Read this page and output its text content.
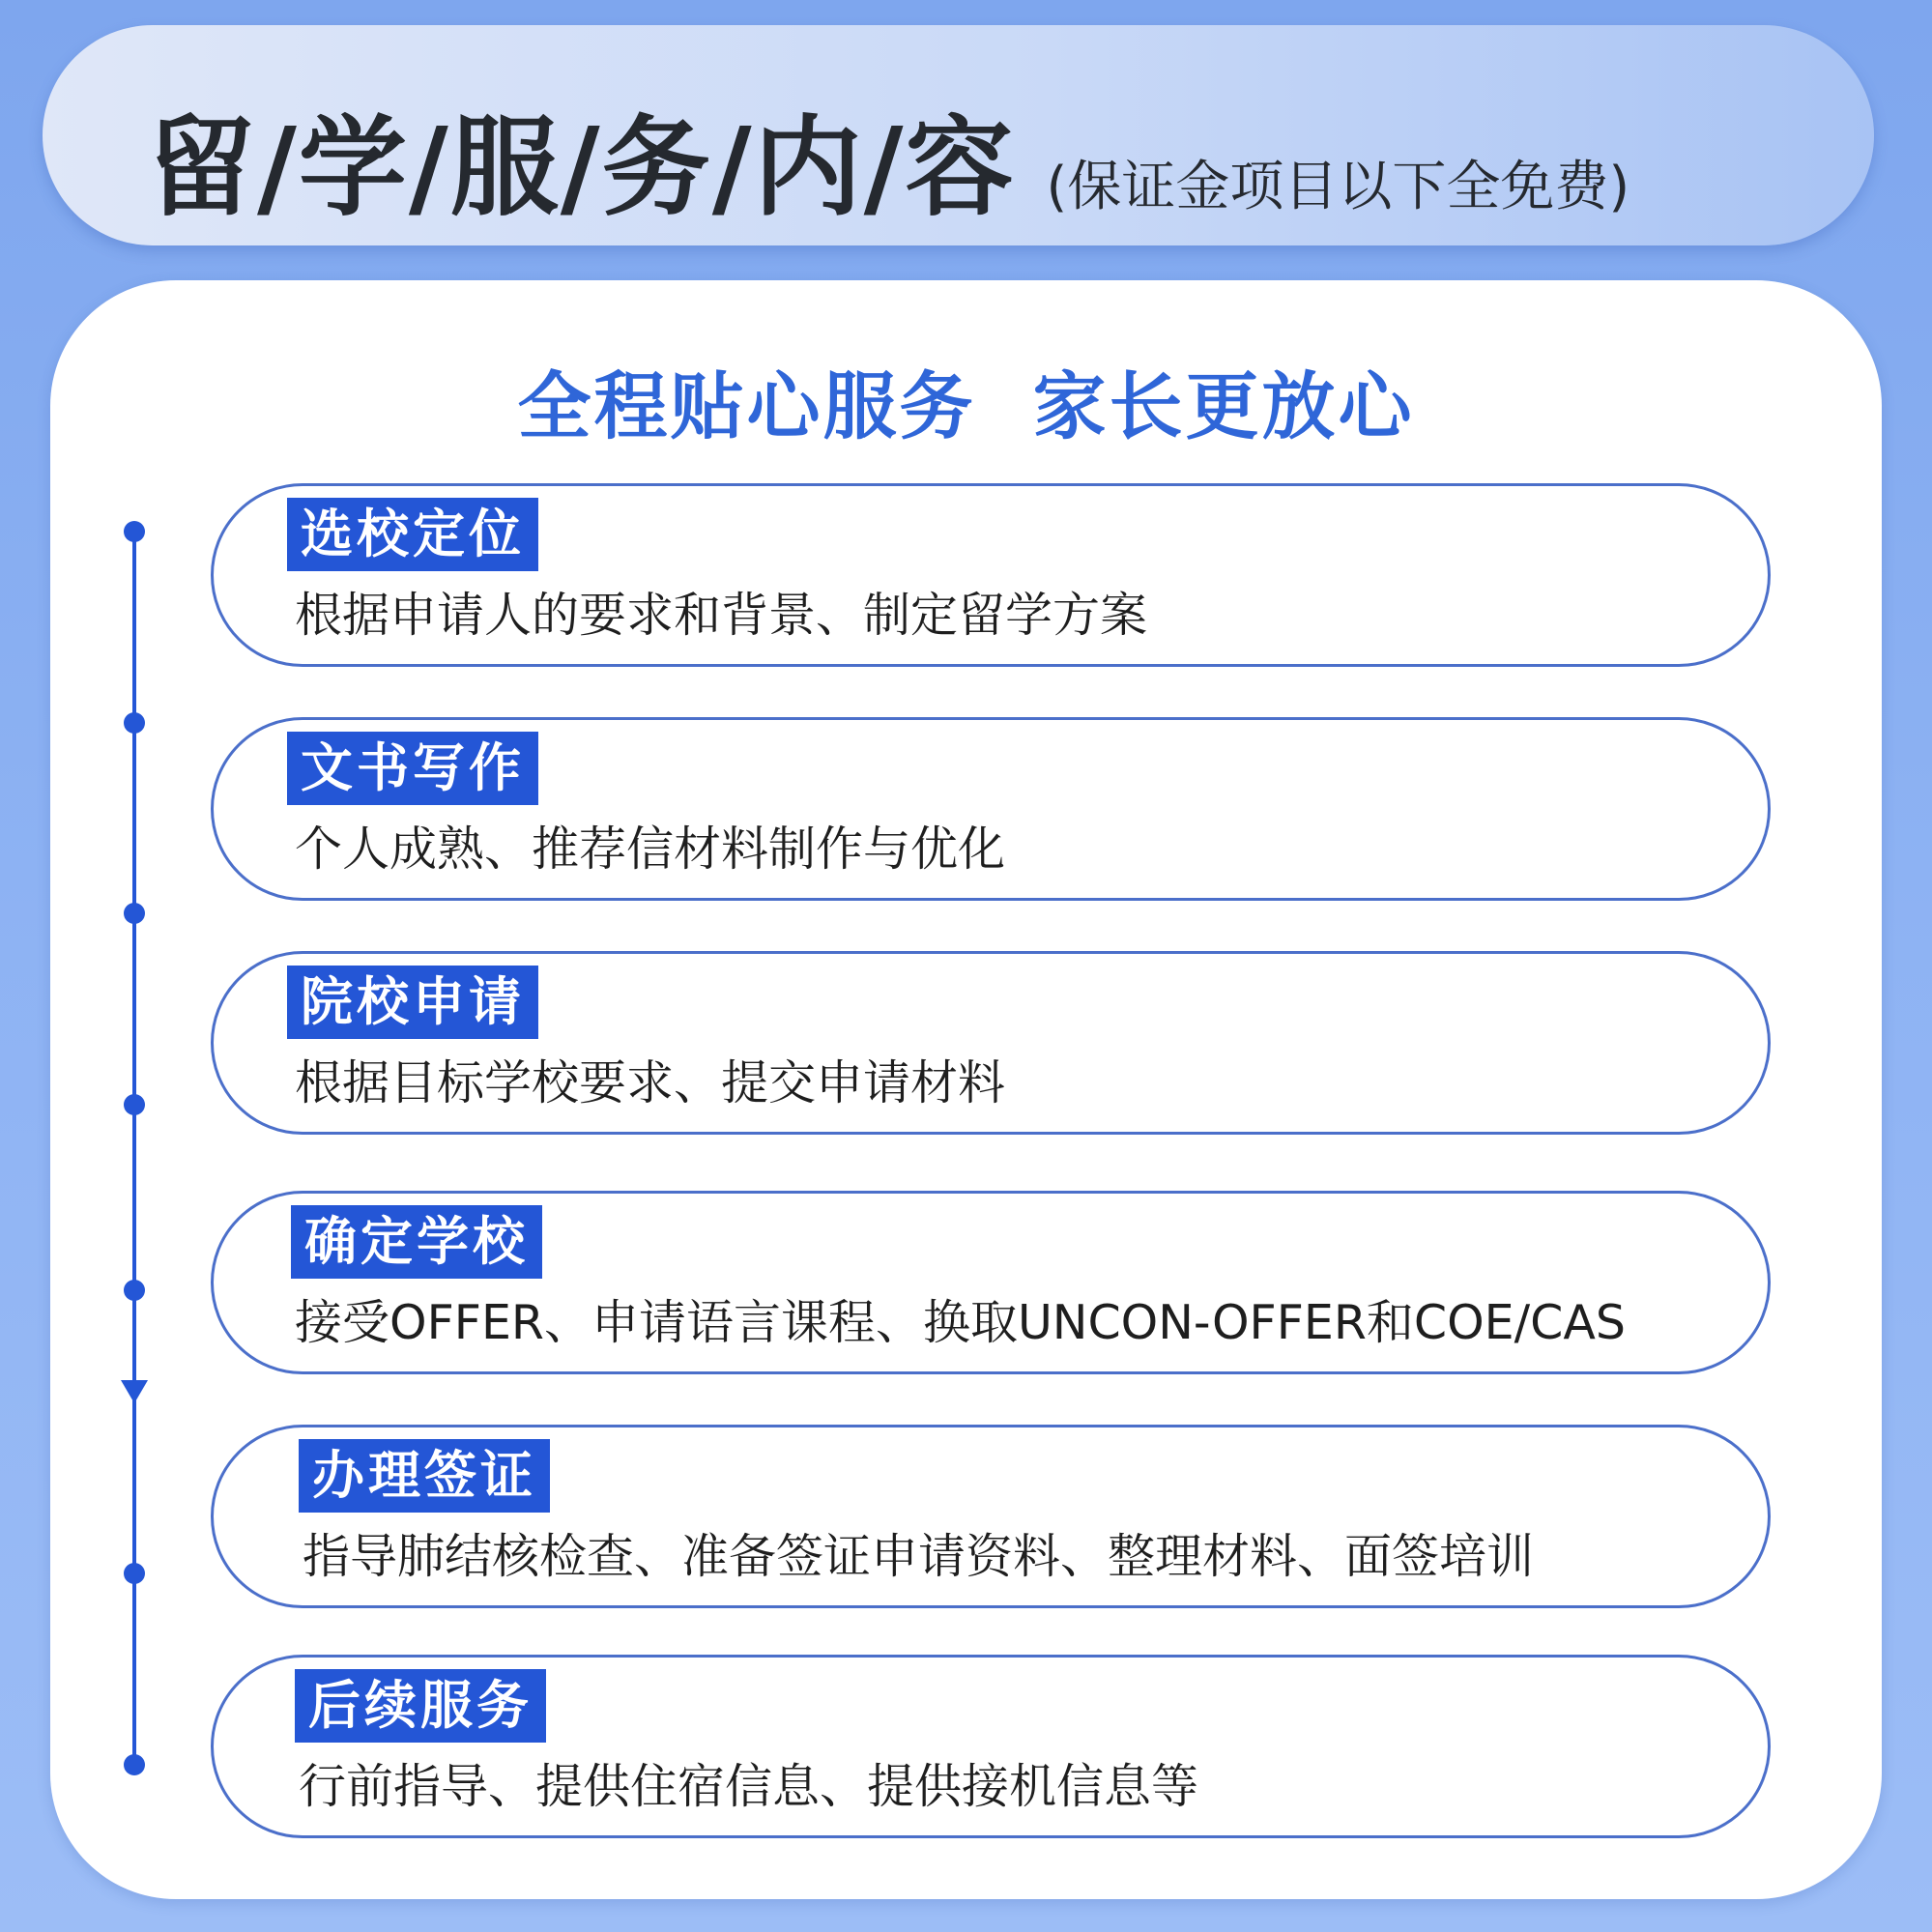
留/学/服/务/内/容 (保证金项目以下全免费)
全程贴心服务  家长更放心
选校定位
根据申请人的要求和背景、制定留学方案
文书写作
个人成熟、推荐信材料制作与优化
院校申请
根据目标学校要求、提交申请材料
确定学校
接受OFFER、申请语言课程、换取UNCON-OFFER和COE/CAS
办理签证
指导肺结核检查、准备签证申请资料、整理材料、面签培训
后续服务
行前指导、提供住宿信息、提供接机信息等
